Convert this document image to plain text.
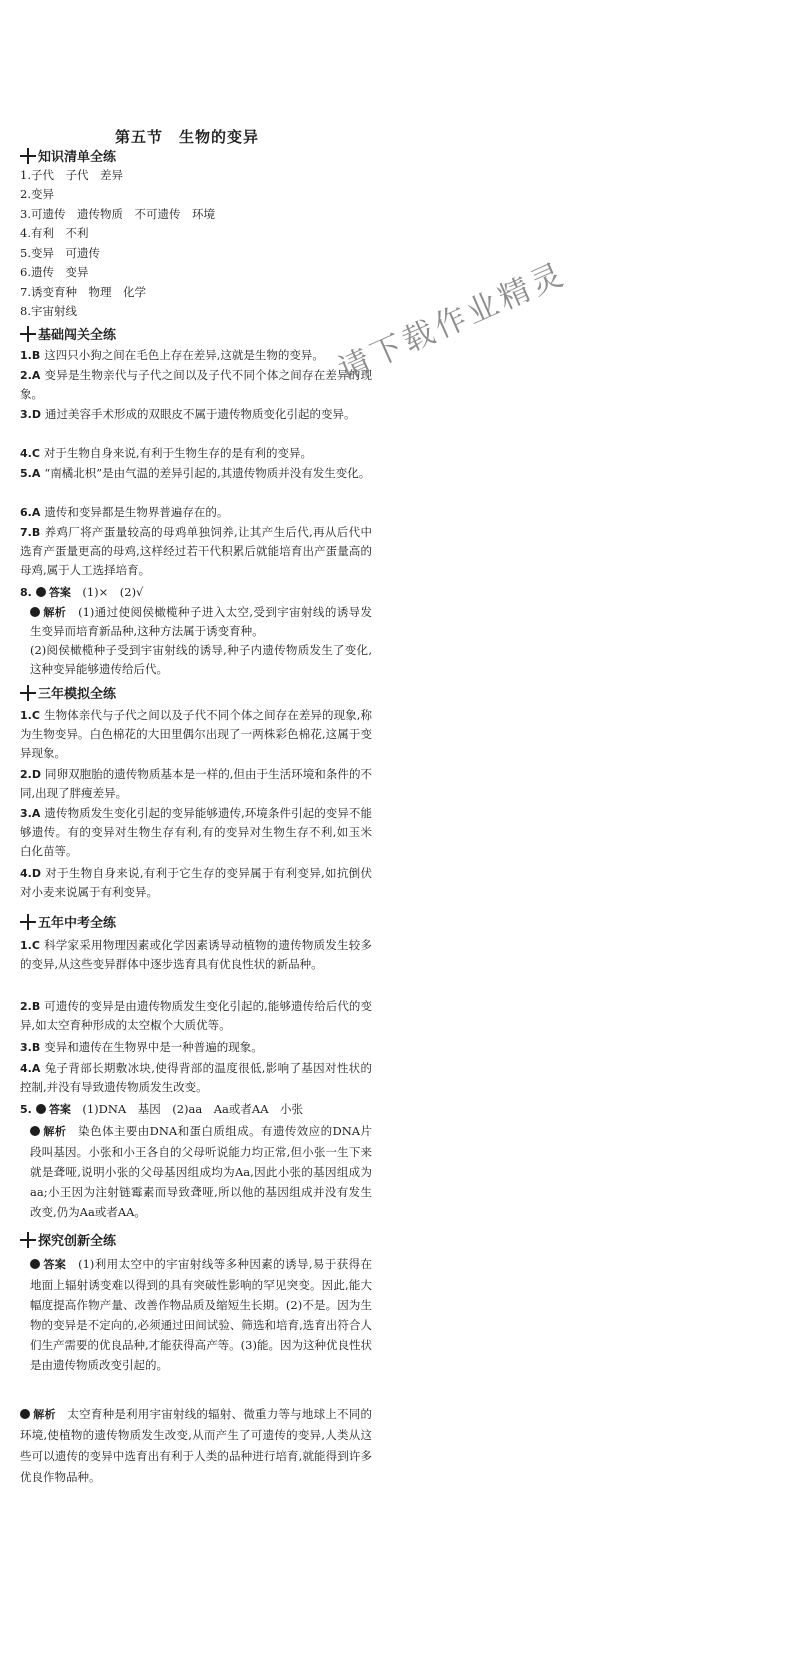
第五节　生物的变异
知识清单全练
1.子代　子代　差异
2.变异
3.可遗传　遗传物质　不可遗传　环境
4.有利　不利
5.变异　可遗传
6.遗传　变异
7.诱变育种　物理　化学
8.宇宙射线
基础闯关全练
1.B 这四只小狗之间在毛色上存在差异,这就是生物的变异。
2.A 变异是生物亲代与子代之间以及子代不同个体之间存在差异的现象。
3.D 通过美容手术形成的双眼皮不属于遗传物质变化引起的变异。
4.C 对于生物自身来说,有利于生物生存的是有利的变异。
5.A “南橘北枳”是由气温的差异引起的,其遗传物质并没有发生变化。
6.A 遗传和变异都是生物界普遍存在的。
7.B 养鸡厂将产蛋量较高的母鸡单独饲养,让其产生后代,再从后代中选育产蛋量更高的母鸡,这样经过若干代积累后就能培育出产蛋量高的母鸡,属于人工选择培育。
8. 答案　 (1)×　(2)√
解析　 (1)通过使阅侯橄榄种子进入太空,受到宇宙射线的诱导发生变异而培育新品种,这种方法属于诱变育种。
(2)阅侯橄榄种子受到宇宙射线的诱导,种子内遗传物质发生了变化,这种变异能够遗传给后代。
三年模拟全练
1.C 生物体亲代与子代之间以及子代不同个体之间存在差异的现象,称为生物变异。白色棉花的大田里偶尔出现了一两株彩色棉花,这属于变异现象。
2.D 同卵双胞胎的遗传物质基本是一样的,但由于生活环境和条件的不同,出现了胖瘦差异。
3.A 遗传物质发生变化引起的变异能够遗传,环境条件引起的变异不能够遗传。有的变异对生物生存有利,有的变异对生物生存不利,如玉米白化苗等。
4.D 对于生物自身来说,有利于它生存的变异属于有利变异,如抗倒伏对小麦来说属于有利变异。
五年中考全练
1.C 科学家采用物理因素或化学因素诱导动植物的遗传物质发生较多的变异,从这些变异群体中逐步选育具有优良性状的新品种。
2.B 可遗传的变异是由遗传物质发生变化引起的,能够遗传给后代的变异,如太空育种形成的太空椒个大质优等。
3.B 变异和遗传在生物界中是一种普遍的现象。
4.A 兔子背部长期敷冰块,使得背部的温度很低,影响了基因对性状的控制,并没有导致遗传物质发生改变。
5. 答案　 (1)DNA　基因　(2)aa　Aa或者AA　小张
解析　 染色体主要由DNA和蛋白质组成。有遗传效应的DNA片段叫基因。小张和小王各自的父母听说能力均正常,但小张一生下来就是聋哑,说明小张的父母基因组成均为Aa,因此小张的基因组成为aa;小王因为注射链霉素而导致聋哑,所以他的基因组成并没有发生改变,仍为Aa或者AA。
探究创新全练
答案　 (1)利用太空中的宇宙射线等多种因素的诱导,易于获得在地面上辐射诱变难以得到的具有突破性影响的罕见突变。因此,能大幅度提高作物产量、改善作物品质及缩短生长期。(2)不是。因为生物的变异是不定向的,必须通过田间试验、筛选和培育,选育出符合人们生产需要的优良品种,才能获得高产等。(3)能。因为这种优良性状是由遗传物质改变引起的。
解析　 太空育种是利用宇宙射线的辐射、微重力等与地球上不同的环境,使植物的遗传物质发生改变,从而产生了可遗传的变异,人类从这些可以遗传的变异中选育出有利于人类的品种进行培育,就能得到许多优良作物品种。
请下载作业精灵
